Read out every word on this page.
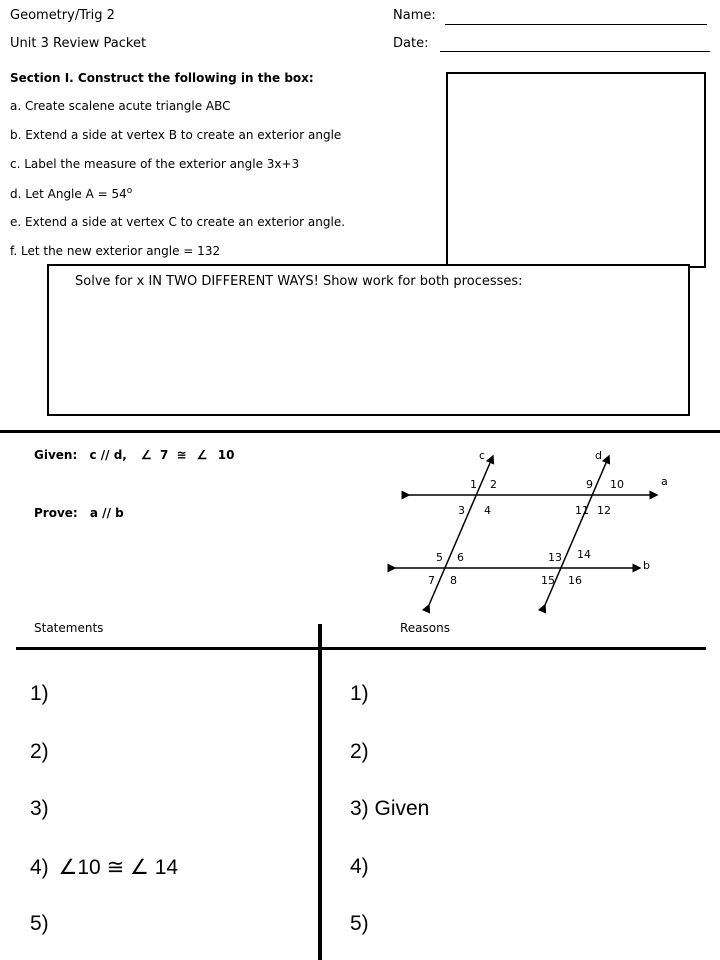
Geometry/Trig 2
Unit 3 Review Packet
Name:
Date:
Section I. Construct the following in the box:
a. Create scalene acute triangle ABC
b. Extend a side at vertex B to create an exterior angle
c. Label the measure of the exterior angle 3x+3
d. Let Angle $A = 54^o$
e. Extend a side at vertex C to create an exterior angle.
f. Let the new exterior angle = 132
Solve for x IN TWO DIFFERENT WAYS! Show work for both processes:
Given: c // d, ∠ 7 ≅ ∠ 10
Prove: a // b
c	d
a
b
1 2
3 4
5 6
7 8
9 10
11 12
13 14
15 16
Statements	Reasons
1)
2)
3)
4) ∠10 ≅ ∠ 14
5)
1)
2)
3) Given
4)
5)
